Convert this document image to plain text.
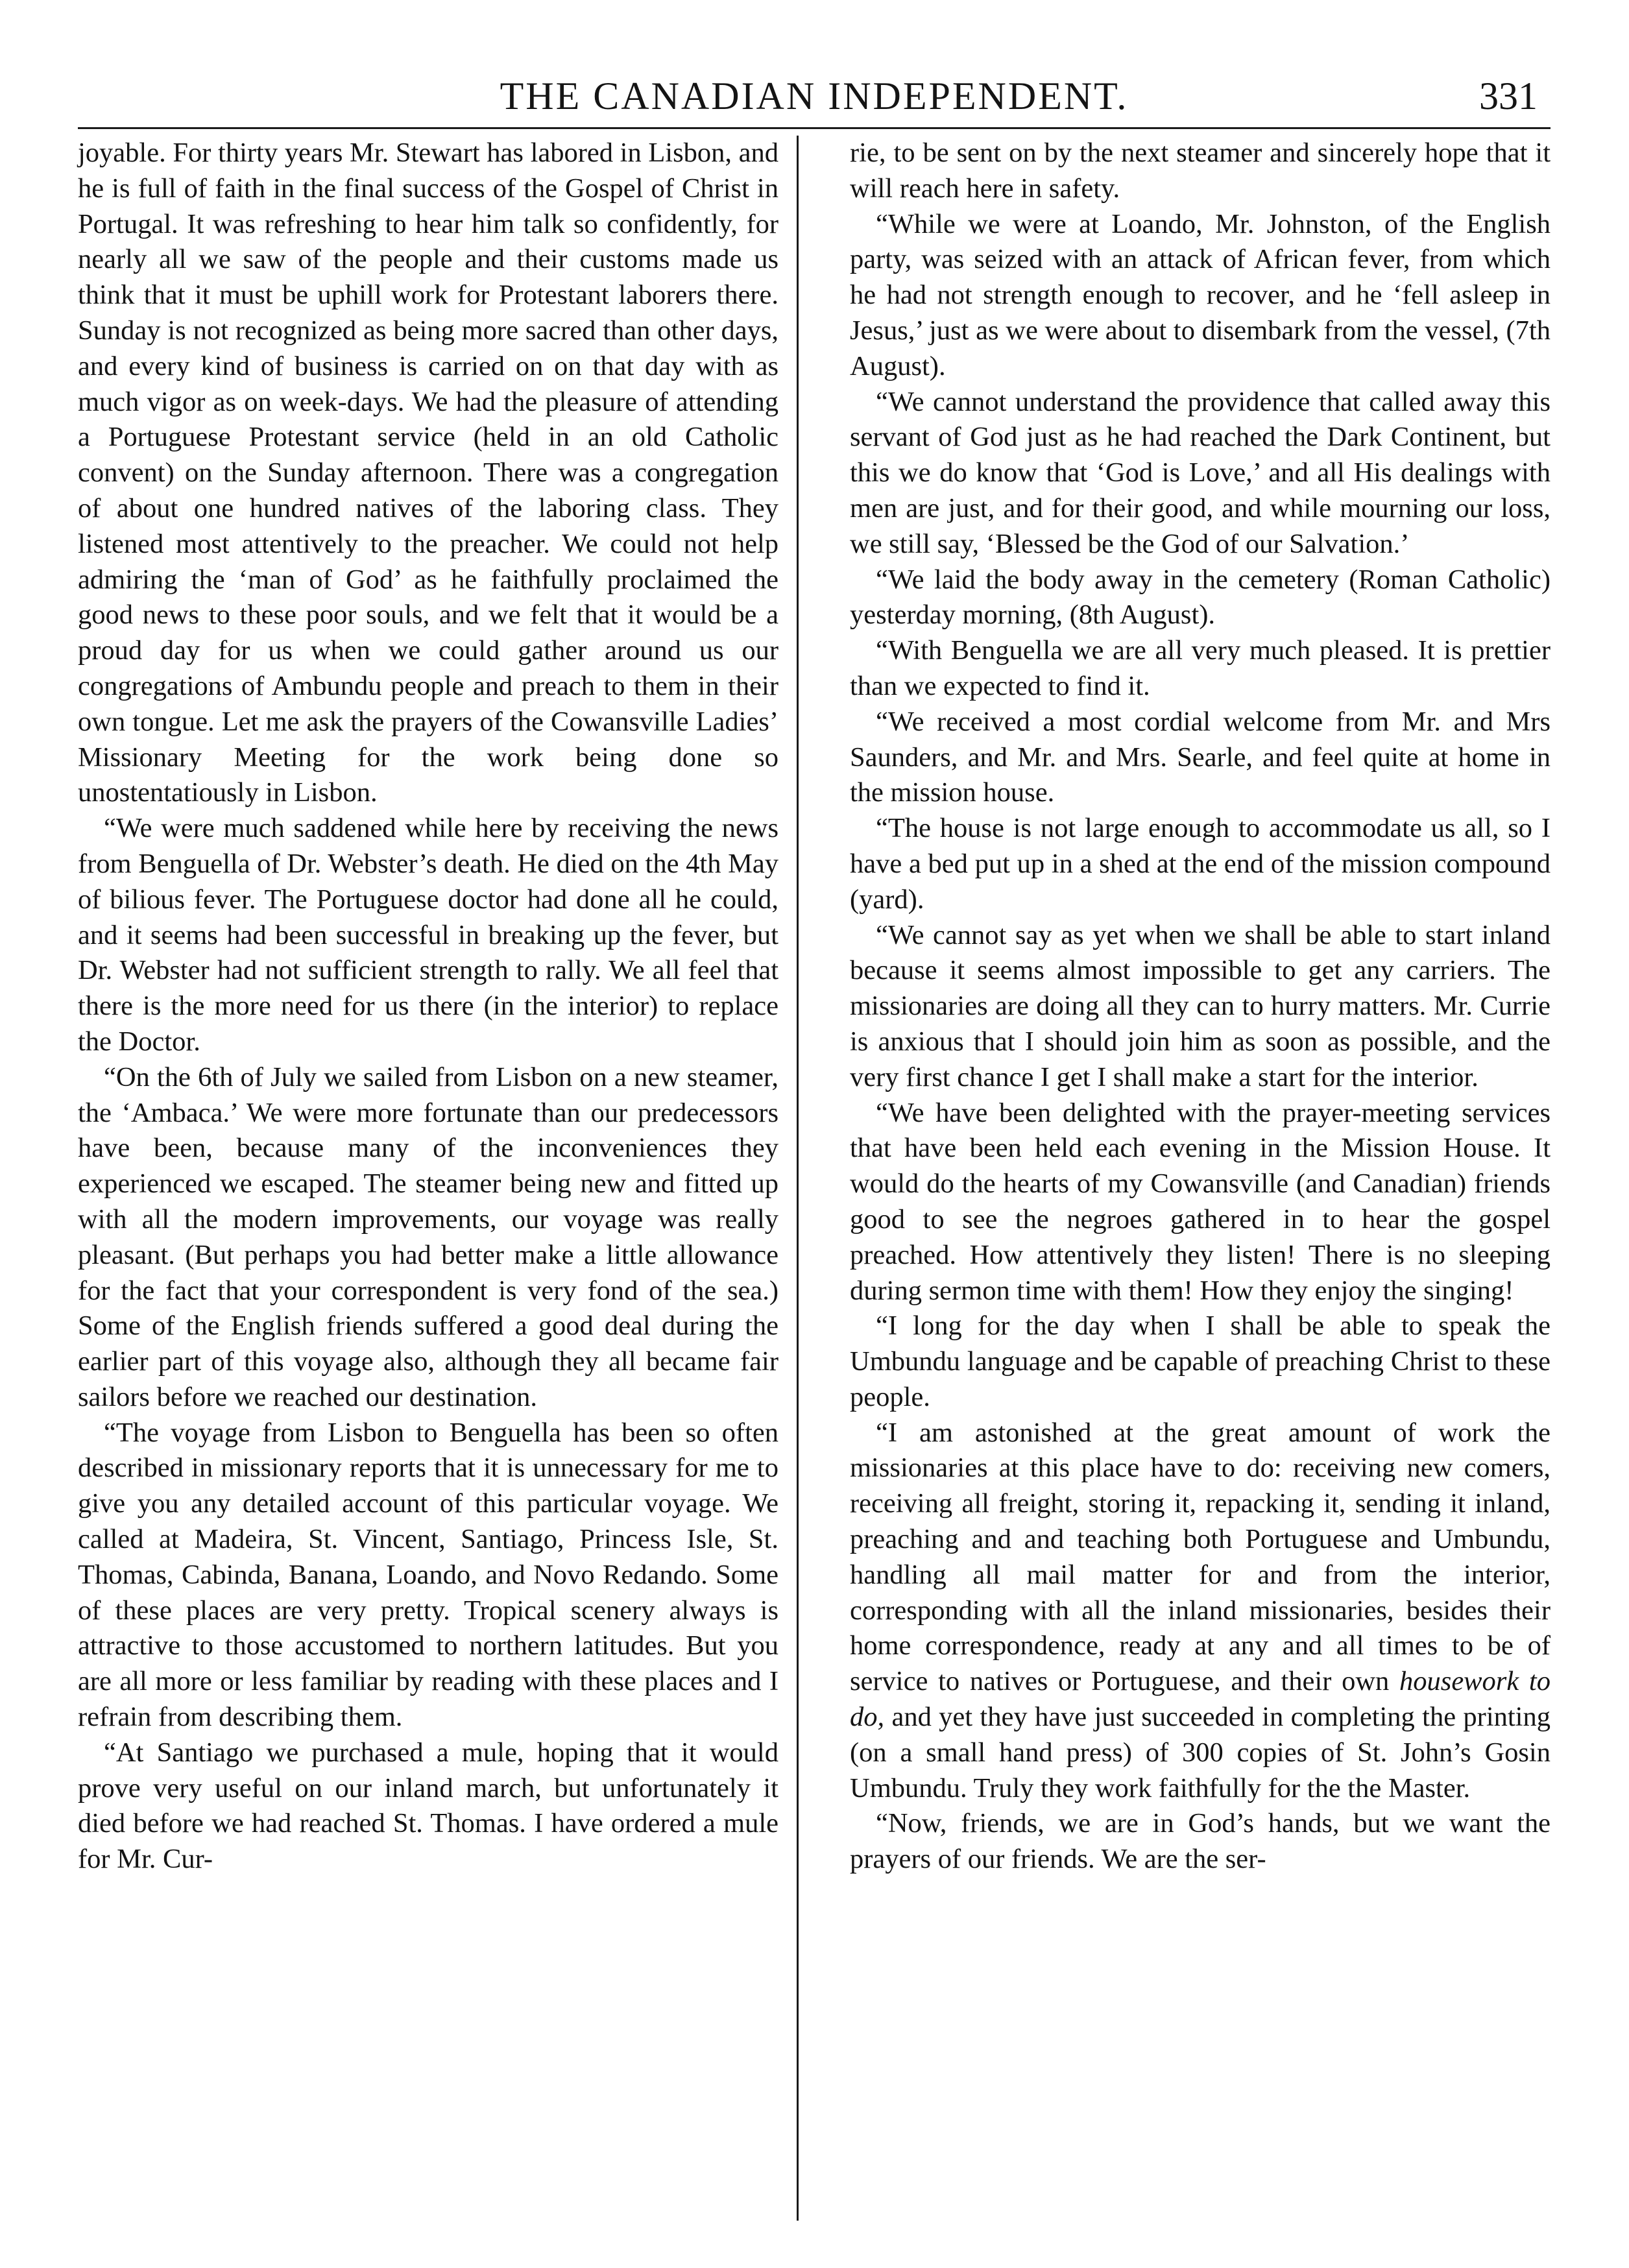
THE CANADIAN INDEPENDENT.	331

joyable. For thirty years Mr. Stewart has labored in Lisbon, and he is full of faith in the final success of the Gospel of Christ in Portugal. It was refreshing to hear him talk so confidently, for nearly all we saw of the people and their customs made us think that it must be uphill work for Protestant laborers there. Sunday is not recognized as being more sacred than other days, and every kind of business is carried on on that day with as much vigor as on week-days. We had the pleasure of attending a Portuguese Protestant service (held in an old Catholic convent) on the Sunday afternoon. There was a congregation of about one hundred natives of the laboring class. They listened most attentively to the preacher. We could not help admiring the ‘man of God’ as he faithfully proclaimed the good news to these poor souls, and we felt that it would be a proud day for us when we could gather around us our congregations of Ambundu people and preach to them in their own tongue. Let me ask the prayers of the Cowansville Ladies’ Missionary Meeting for the work being done so unostentatiously in Lisbon.

“We were much saddened while here by receiving the news from Benguella of Dr. Webster’s death. He died on the 4th May of bilious fever. The Portuguese doctor had done all he could, and it seems had been successful in breaking up the fever, but Dr. Webster had not sufficient strength to rally. We all feel that there is the more need for us there (in the interior) to replace the Doctor.

“On the 6th of July we sailed from Lisbon on a new steamer, the ‘Ambaca.’ We were more fortunate than our predecessors have been, because many of the inconveniences they experienced we escaped. The steamer being new and fitted up with all the modern improvements, our voyage was really pleasant. (But perhaps you had better make a little allowance for the fact that your correspondent is very fond of the sea.) Some of the English friends suffered a good deal during the earlier part of this voyage also, although they all became fair sailors before we reached our destination.

“The voyage from Lisbon to Benguella has been so often described in missionary reports that it is unnecessary for me to give you any detailed account of this particular voyage. We called at Madeira, St. Vincent, Santiago, Princess Isle, St. Thomas, Cabinda, Banana, Loando, and Novo Redando. Some of these places are very pretty. Tropical scenery always is attractive to those accustomed to northern latitudes. But you are all more or less familiar by reading with these places and I refrain from describing them.

“At Santiago we purchased a mule, hoping that it would prove very useful on our inland march, but unfortunately it died before we had reached St. Thomas. I have ordered a mule for Mr. Cur-

rie, to be sent on by the next steamer and sincerely hope that it will reach here in safety.

“While we were at Loando, Mr. Johnston, of the English party, was seized with an attack of African fever, from which he had not strength enough to recover, and he ‘fell asleep in Jesus,’ just as we were about to disembark from the vessel, (7th August).

“We cannot understand the providence that called away this servant of God just as he had reached the Dark Continent, but this we do know that ‘God is Love,’ and all His dealings with men are just, and for their good, and while mourning our loss, we still say, ‘Blessed be the God of our Salvation.’

“We laid the body away in the cemetery (Roman Catholic) yesterday morning, (8th August).

“With Benguella we are all very much pleased. It is prettier than we expected to find it.

“We received a most cordial welcome from Mr. and Mrs Saunders, and Mr. and Mrs. Searle, and feel quite at home in the mission house.

“The house is not large enough to accommodate us all, so I have a bed put up in a shed at the end of the mission compound (yard).

“We cannot say as yet when we shall be able to start inland because it seems almost impossible to get any carriers. The missionaries are doing all they can to hurry matters. Mr. Currie is anxious that I should join him as soon as possible, and the very first chance I get I shall make a start for the interior.

“We have been delighted with the prayer-meeting services that have been held each evening in the Mission House. It would do the hearts of my Cowansville (and Canadian) friends good to see the negroes gathered in to hear the gospel preached. How attentively they listen! There is no sleeping during sermon time with them! How they enjoy the singing!

“I long for the day when I shall be able to speak the Umbundu language and be capable of preaching Christ to these people.

“I am astonished at the great amount of work the missionaries at this place have to do: receiving new comers, receiving all freight, storing it, repacking it, sending it inland, preaching and and teaching both Portuguese and Umbundu, handling all mail matter for and from the interior, corresponding with all the inland missionaries, besides their home correspondence, ready at any and all times to be of service to natives or Portuguese, and their own housework to do, and yet they have just succeeded in completing the printing (on a small hand press) of 300 copies of St. John’s Gosin Umbundu. Truly they work faithfully for the the Master.

“Now, friends, we are in God’s hands, but we want the prayers of our friends. We are the ser-
